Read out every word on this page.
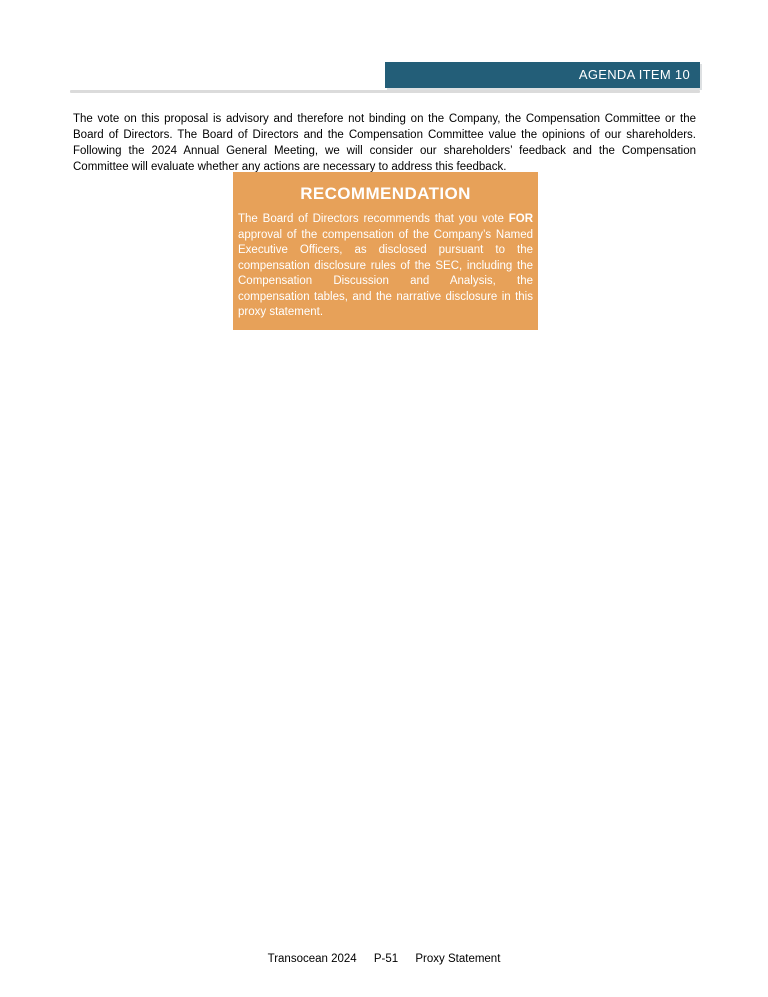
AGENDA ITEM 10

The vote on this proposal is advisory and therefore not binding on the Company, the Compensation Committee or the Board of Directors. The Board of Directors and the Compensation Committee value the opinions of our shareholders. Following the 2024 Annual General Meeting, we will consider our shareholders’ feedback and the Compensation Committee will evaluate whether any actions are necessary to address this feedback.

RECOMMENDATION

The Board of Directors recommends that you vote FOR approval of the compensation of the Company’s Named Executive Officers, as disclosed pursuant to the compensation disclosure rules of the SEC, including the Compensation Discussion and Analysis, the compensation tables, and the narrative disclosure in this proxy statement.

Transocean 2024 P-51 Proxy Statement
